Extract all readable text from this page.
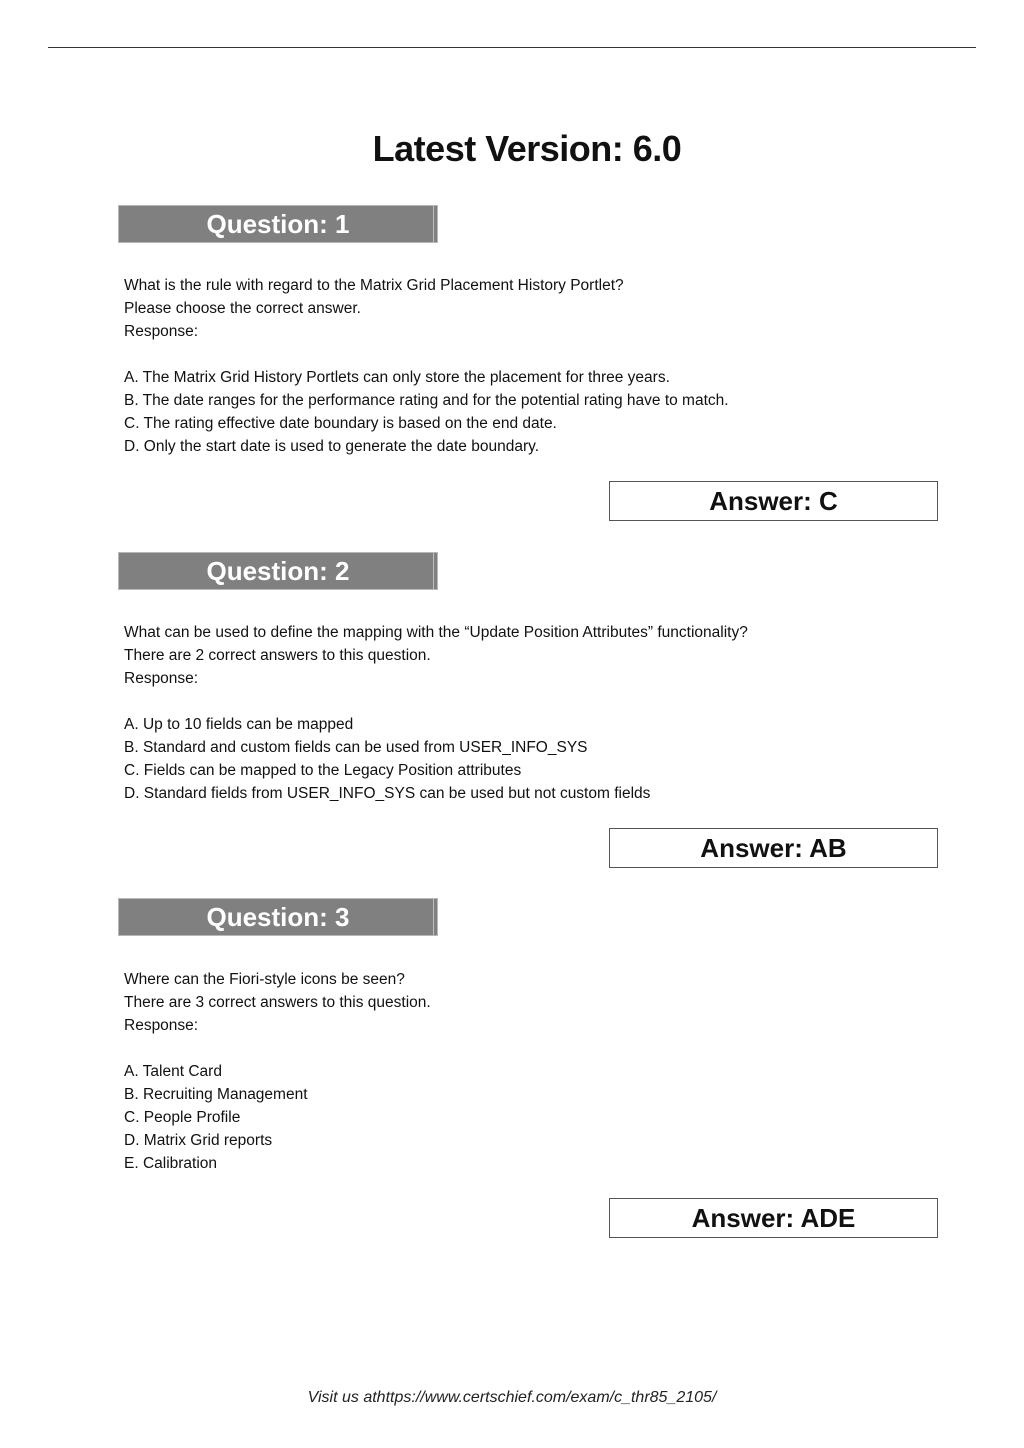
Latest Version: 6.0
Question: 1
What is the rule with regard to the Matrix Grid Placement History Portlet?
Please choose the correct answer.
Response:
A. The Matrix Grid History Portlets can only store the placement for three years.
B. The date ranges for the performance rating and for the potential rating have to match.
C. The rating effective date boundary is based on the end date.
D. Only the start date is used to generate the date boundary.
Answer: C
Question: 2
What can be used to define the mapping with the “Update Position Attributes” functionality?
There are 2 correct answers to this question.
Response:
A. Up to 10 fields can be mapped
B. Standard and custom fields can be used from USER_INFO_SYS
C. Fields can be mapped to the Legacy Position attributes
D. Standard fields from USER_INFO_SYS can be used but not custom fields
Answer: AB
Question: 3
Where can the Fiori-style icons be seen?
There are 3 correct answers to this question.
Response:
A. Talent Card
B. Recruiting Management
C. People Profile
D. Matrix Grid reports
E. Calibration
Answer: ADE
Visit us athttps://www.certschief.com/exam/c_thr85_2105/
